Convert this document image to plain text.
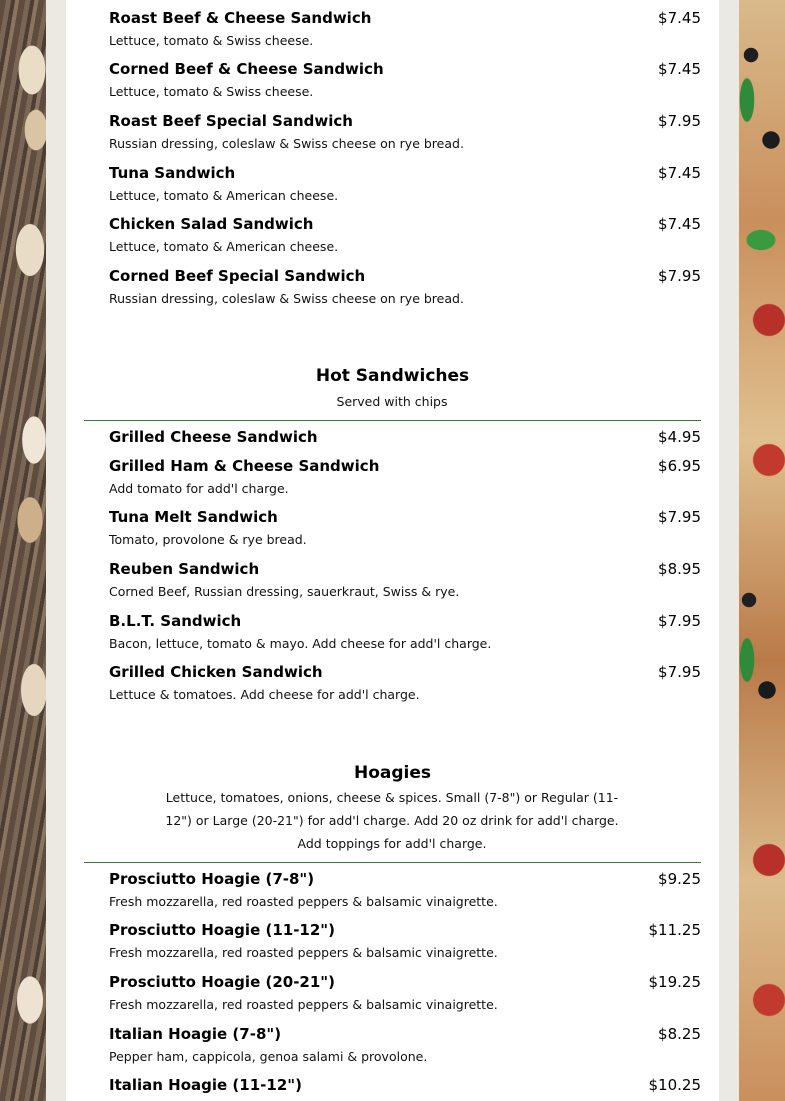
Roast Beef & Cheese Sandwich	$7.45
Lettuce, tomato & Swiss cheese.
Corned Beef & Cheese Sandwich	$7.45
Lettuce, tomato & Swiss cheese.
Roast Beef Special Sandwich	$7.95
Russian dressing, coleslaw & Swiss cheese on rye bread.
Tuna Sandwich	$7.45
Lettuce, tomato & American cheese.
Chicken Salad Sandwich	$7.45
Lettuce, tomato & American cheese.
Corned Beef Special Sandwich	$7.95
Russian dressing, coleslaw & Swiss cheese on rye bread.
Hot Sandwiches
Served with chips
Grilled Cheese Sandwich	$4.95
Grilled Ham & Cheese Sandwich	$6.95
Add tomato for add'l charge.
Tuna Melt Sandwich	$7.95
Tomato, provolone & rye bread.
Reuben Sandwich	$8.95
Corned Beef, Russian dressing, sauerkraut, Swiss & rye.
B.L.T. Sandwich	$7.95
Bacon, lettuce, tomato & mayo. Add cheese for add'l charge.
Grilled Chicken Sandwich	$7.95
Lettuce & tomatoes. Add cheese for add'l charge.
Hoagies
Lettuce, tomatoes, onions, cheese & spices. Small (7-8") or Regular (11-12") or Large (20-21") for add'l charge. Add 20 oz drink for add'l charge. Add toppings for add'l charge.
Prosciutto Hoagie (7-8")	$9.25
Fresh mozzarella, red roasted peppers & balsamic vinaigrette.
Prosciutto Hoagie (11-12")	$11.25
Fresh mozzarella, red roasted peppers & balsamic vinaigrette.
Prosciutto Hoagie (20-21")	$19.25
Fresh mozzarella, red roasted peppers & balsamic vinaigrette.
Italian Hoagie (7-8")	$8.25
Pepper ham, cappicola, genoa salami & provolone.
Italian Hoagie (11-12")	$10.25
